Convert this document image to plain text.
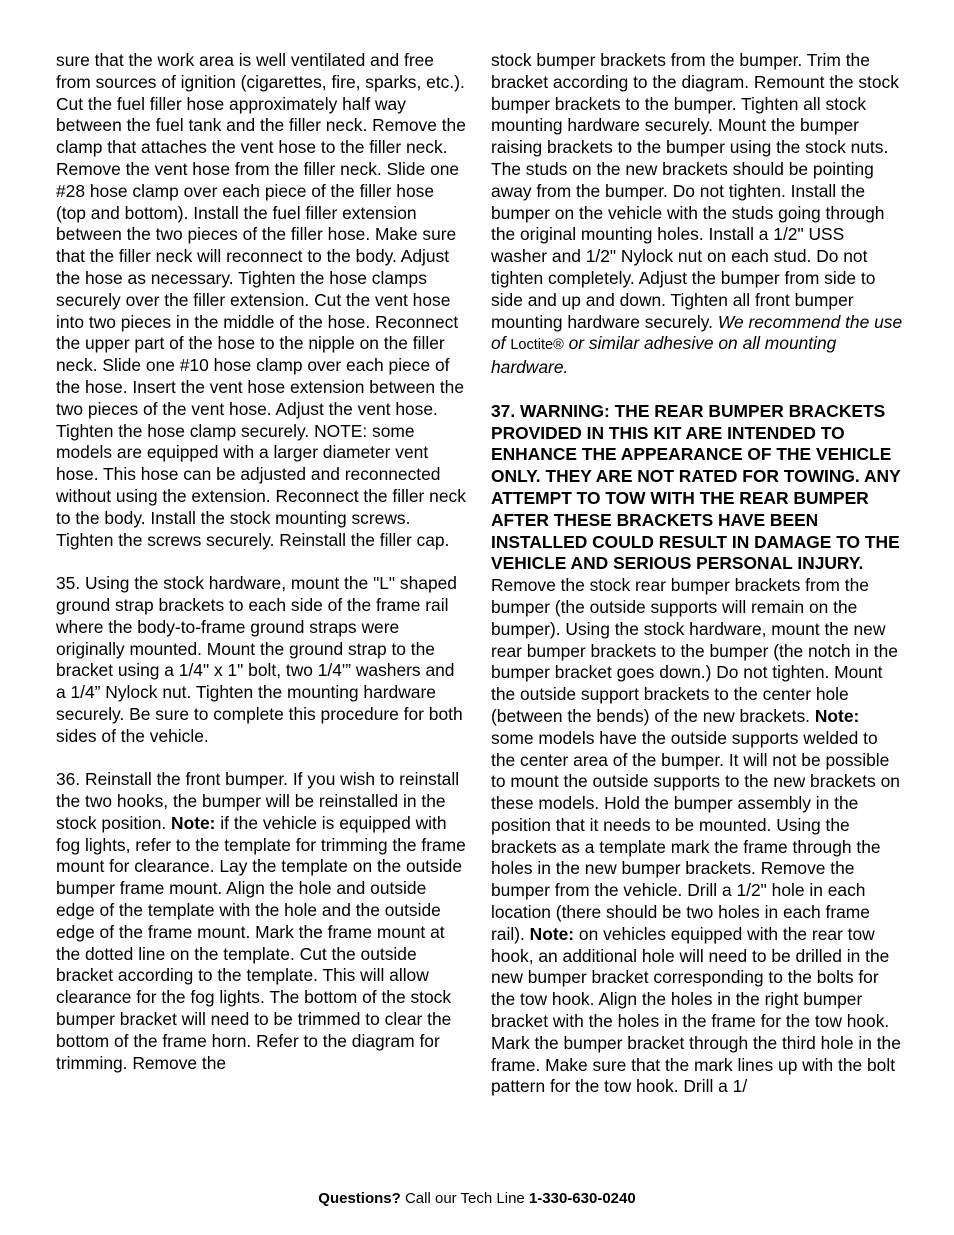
sure that the work area is well ventilated and free from sources of ignition (cigarettes, fire, sparks, etc.). Cut the fuel filler hose approximately half way between the fuel tank and the filler neck. Remove the clamp that attaches the vent hose to the filler neck. Remove the vent hose from the filler neck. Slide one #28 hose clamp over each piece of the filler hose (top and bottom). Install the fuel filler extension between the two pieces of the filler hose. Make sure that the filler neck will reconnect to the body. Adjust the hose as necessary. Tighten the hose clamps securely over the filler extension. Cut the vent hose into two pieces in the middle of the hose. Reconnect the upper part of the hose to the nipple on the filler neck. Slide one #10 hose clamp over each piece of the hose. Insert the vent hose extension between the two pieces of the vent hose. Adjust the vent hose. Tighten the hose clamp securely. NOTE: some models are equipped with a larger diameter vent hose. This hose can be adjusted and reconnected without using the extension. Reconnect the filler neck to the body. Install the stock mounting screws. Tighten the screws securely. Reinstall the filler cap.

35. Using the stock hardware, mount the "L" shaped ground strap brackets to each side of the frame rail where the body-to-frame ground straps were originally mounted. Mount the ground strap to the bracket using a 1/4" x 1" bolt, two 1/4'” washers and a 1/4” Nylock nut. Tighten the mounting hardware securely. Be sure to complete this procedure for both sides of the vehicle.

36. Reinstall the front bumper. If you wish to reinstall the two hooks, the bumper will be reinstalled in the stock position. Note: if the vehicle is equipped with fog lights, refer to the template for trimming the frame mount for clearance. Lay the template on the outside bumper frame mount. Align the hole and outside edge of the template with the hole and the outside edge of the frame mount. Mark the frame mount at the dotted line on the template. Cut the outside bracket according to the template. This will allow clearance for the fog lights. The bottom of the stock bumper bracket will need to be trimmed to clear the bottom of the frame horn. Refer to the diagram for trimming. Remove the

stock bumper brackets from the bumper. Trim the bracket according to the diagram. Remount the stock bumper brackets to the bumper. Tighten all stock mounting hardware securely. Mount the bumper raising brackets to the bumper using the stock nuts. The studs on the new brackets should be pointing away from the bumper. Do not tighten. Install the bumper on the vehicle with the studs going through the original mounting holes. Install a 1/2" USS washer and 1/2" Nylock nut on each stud. Do not tighten completely. Adjust the bumper from side to side and up and down. Tighten all front bumper mounting hardware securely. We recommend the use of Loctite® or similar adhesive on all mounting hardware.

37. WARNING: THE REAR BUMPER BRACKETS PROVIDED IN THIS KIT ARE INTENDED TO ENHANCE THE APPEARANCE OF THE VEHICLE ONLY. THEY ARE NOT RATED FOR TOWING. ANY ATTEMPT TO TOW WITH THE REAR BUMPER AFTER THESE BRACKETS HAVE BEEN INSTALLED COULD RESULT IN DAMAGE TO THE VEHICLE AND SERIOUS PERSONAL INJURY. Remove the stock rear bumper brackets from the bumper (the outside supports will remain on the bumper). Using the stock hardware, mount the new rear bumper brackets to the bumper (the notch in the bumper bracket goes down.) Do not tighten. Mount the outside support brackets to the center hole (between the bends) of the new brackets. Note: some models have the outside supports welded to the center area of the bumper. It will not be possible to mount the outside supports to the new brackets on these models. Hold the bumper assembly in the position that it needs to be mounted. Using the brackets as a template mark the frame through the holes in the new bumper brackets. Remove the bumper from the vehicle. Drill a 1/2" hole in each location (there should be two holes in each frame rail). Note: on vehicles equipped with the rear tow hook, an additional hole will need to be drilled in the new bumper bracket corresponding to the bolts for the tow hook. Align the holes in the right bumper bracket with the holes in the frame for the tow hook. Mark the bumper bracket through the third hole in the frame. Make sure that the mark lines up with the bolt pattern for the tow hook. Drill a 1/

Questions? Call our Tech Line 1-330-630-0240
